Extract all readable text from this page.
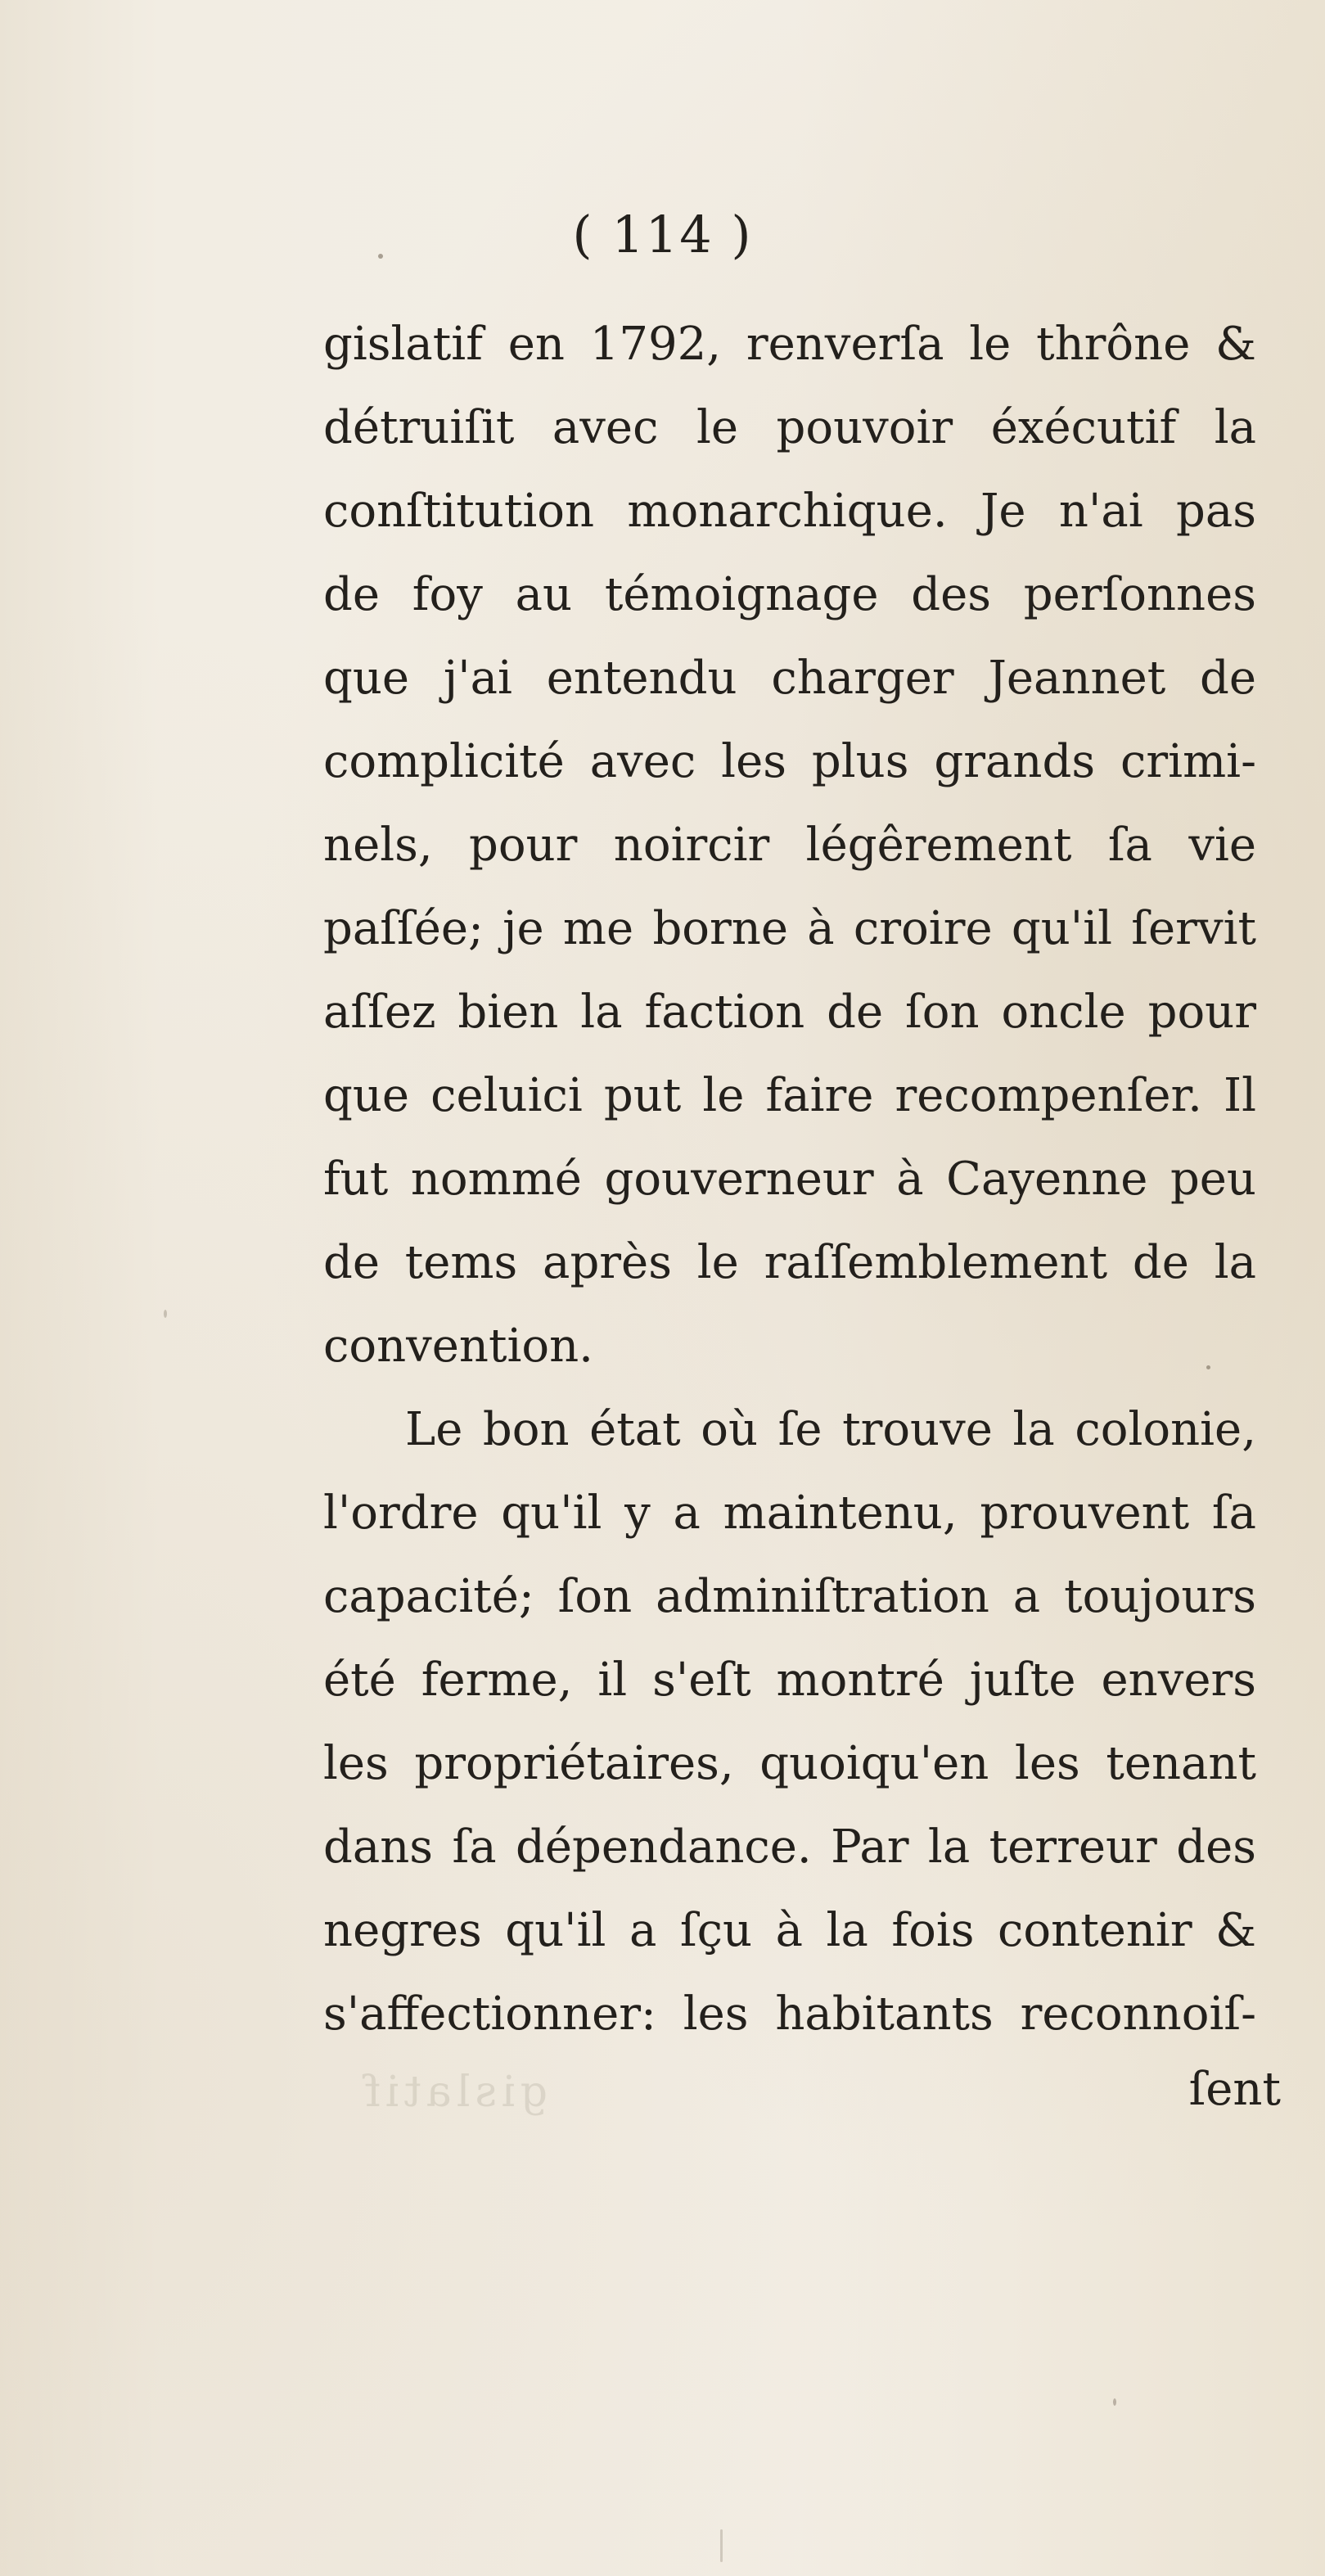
( 114 )
gislatif en 1792, renverſa le thrône &
détruiſit avec le pouvoir éxécutif la
conſtitution monarchique. Je n'ai pas
de foy au témoignage des perſonnes
que j'ai entendu charger Jeannet de
complicité avec les plus grands crimi-
nels, pour noircir légêrement ſa vie
paſſée; je me borne à croire qu'il ſervit
aſſez bien la faction de ſon oncle pour
que celuici put le faire recompenſer. Il
fut nommé gouverneur à Cayenne peu
de tems après le raſſemblement de la
convention.
Le bon état où ſe trouve la colonie,
l'ordre qu'il y a maintenu, prouvent ſa
capacité; ſon adminiſtration a toujours
été ferme, il s'eſt montré juſte envers
les propriétaires, quoiqu'en les tenant
dans ſa dépendance. Par la terreur des
negres qu'il a ſçu à la fois contenir &
s'affectionner: les habitants reconnoiſ-
gislatif	ſent
